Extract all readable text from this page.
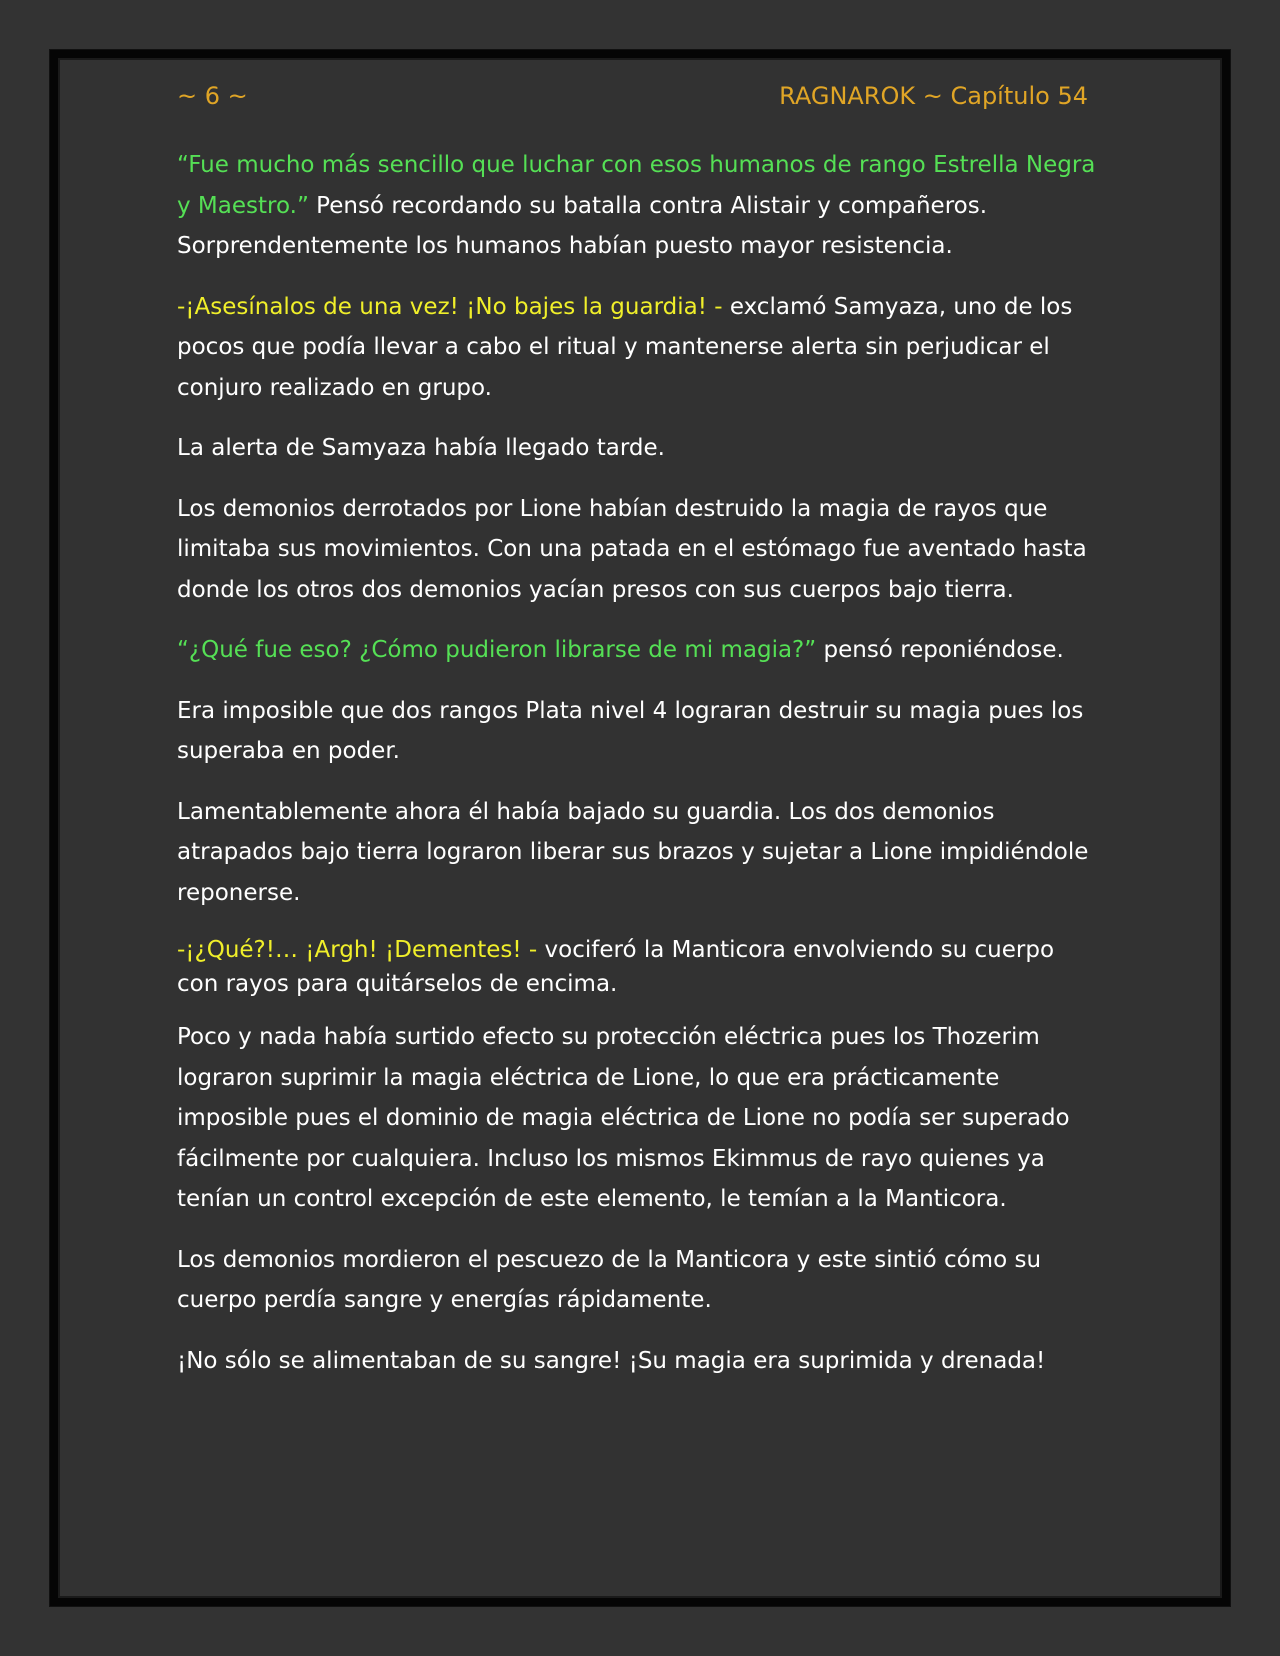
~ 6 ~	RAGNAROK ~ Capítulo 54

“Fue mucho más sencillo que luchar con esos humanos de rango Estrella Negra y Maestro.” Pensó recordando su batalla contra Alistair y compañeros. Sorprendentemente los humanos habían puesto mayor resistencia.

-¡Asesínalos de una vez! ¡No bajes la guardia! - exclamó Samyaza, uno de los pocos que podía llevar a cabo el ritual y mantenerse alerta sin perjudicar el conjuro realizado en grupo.

La alerta de Samyaza había llegado tarde.

Los demonios derrotados por Lione habían destruido la magia de rayos que limitaba sus movimientos. Con una patada en el estómago fue aventado hasta donde los otros dos demonios yacían presos con sus cuerpos bajo tierra.

“¿Qué fue eso? ¿Cómo pudieron librarse de mi magia?” pensó reponiéndose.

Era imposible que dos rangos Plata nivel 4 lograran destruir su magia pues los superaba en poder.

Lamentablemente ahora él había bajado su guardia. Los dos demonios atrapados bajo tierra lograron liberar sus brazos y sujetar a Lione impidiéndole reponerse.

-¡¿Qué?!… ¡Argh! ¡Dementes! - vociferó la Manticora envolviendo su cuerpo con rayos para quitárselos de encima.

Poco y nada había surtido efecto su protección eléctrica pues los Thozerim lograron suprimir la magia eléctrica de Lione, lo que era prácticamente imposible pues el dominio de magia eléctrica de Lione no podía ser superado fácilmente por cualquiera. Incluso los mismos Ekimmus de rayo quienes ya tenían un control excepción de este elemento, le temían a la Manticora.

Los demonios mordieron el pescuezo de la Manticora y este sintió cómo su cuerpo perdía sangre y energías rápidamente.

¡No sólo se alimentaban de su sangre! ¡Su magia era suprimida y drenada!
